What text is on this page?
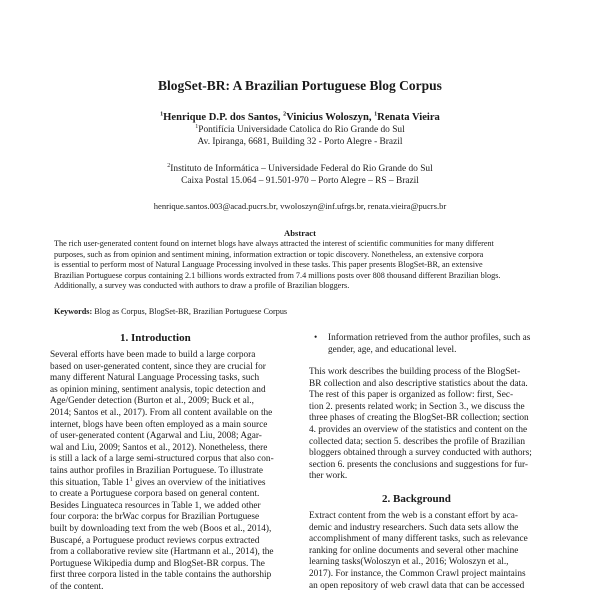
BlogSet-BR: A Brazilian Portuguese Blog Corpus
$^1$Henrique D.P. dos Santos, $^2$Vinicius Woloszyn, $^1$Renata Vieira
$^1$Pontifícia Universidade Catolica do Rio Grande do Sul
Av. Ipiranga, 6681, Building 32 - Porto Alegre - Brazil
$^2$Instituto de Informática – Universidade Federal do Rio Grande do Sul
Caixa Postal 15.064 – 91.501-970 – Porto Alegre – RS – Brazil
henrique.santos.003@acad.pucrs.br, vwoloszyn@inf.ufrgs.br, renata.vieira@pucrs.br
Abstract
The rich user-generated content found on internet blogs have always attracted the interest of scientific communities for many different
purposes, such as from opinion and sentiment mining, information extraction or topic discovery. Nonetheless, an extensive corpora
is essential to perform most of Natural Language Processing involved in these tasks. This paper presents BlogSet-BR, an extensive
Brazilian Portuguese corpus containing 2.1 billions words extracted from 7.4 millions posts over 808 thousand different Brazilian blogs.
Additionally, a survey was conducted with authors to draw a profile of Brazilian bloggers.
Keywords: Blog as Corpus, BlogSet-BR, Brazilian Portuguese Corpus
1. Introduction
Several efforts have been made to build a large corpora
based on user-generated content, since they are crucial for
many different Natural Language Processing tasks, such
as opinion mining, sentiment analysis, topic detection and
Age/Gender detection (Burton et al., 2009; Buck et al.,
2014; Santos et al., 2017). From all content available on the
internet, blogs have been often employed as a main source
of user-generated content (Agarwal and Liu, 2008; Agar-
wal and Liu, 2009; Santos et al., 2012). Nonetheless, there
is still a lack of a large semi-structured corpus that also con-
tains author profiles in Brazilian Portuguese. To illustrate
this situation, Table $1^1$ gives an overview of the initiatives
to create a Portuguese corpora based on general content.
Besides Linguateca resources in Table 1, we added other
four corpora: the brWac corpus for Brazilian Portuguese
built by downloading text from the web (Boos et al., 2014),
Buscapé, a Portuguese product reviews corpus extracted
from a collaborative review site (Hartmann et al., 2014), the
Portuguese Wikipedia dump and BlogSet-BR corpus. The
first three corpora listed in the table contains the authorship
of the content.
• Information retrieved from the author profiles, such as
gender, age, and educational level.
This work describes the building process of the BlogSet-
BR collection and also descriptive statistics about the data.
The rest of this paper is organized as follow: first, Sec-
tion 2. presents related work; in Section 3., we discuss the
three phases of creating the BlogSet-BR collection; section
4. provides an overview of the statistics and content on the
collected data; section 5. describes the profile of Brazilian
bloggers obtained through a survey conducted with authors;
section 6. presents the conclusions and suggestions for fur-
ther work.
2. Background
Extract content from the web is a constant effort by aca-
demic and industry researchers. Such data sets allow the
accomplishment of many different tasks, such as relevance
ranking for online documents and several other machine
learning tasks(Woloszyn et al., 2016; Woloszyn et al.,
2017). For instance, the Common Crawl project maintains
an open repository of web crawl data that can be accessed
